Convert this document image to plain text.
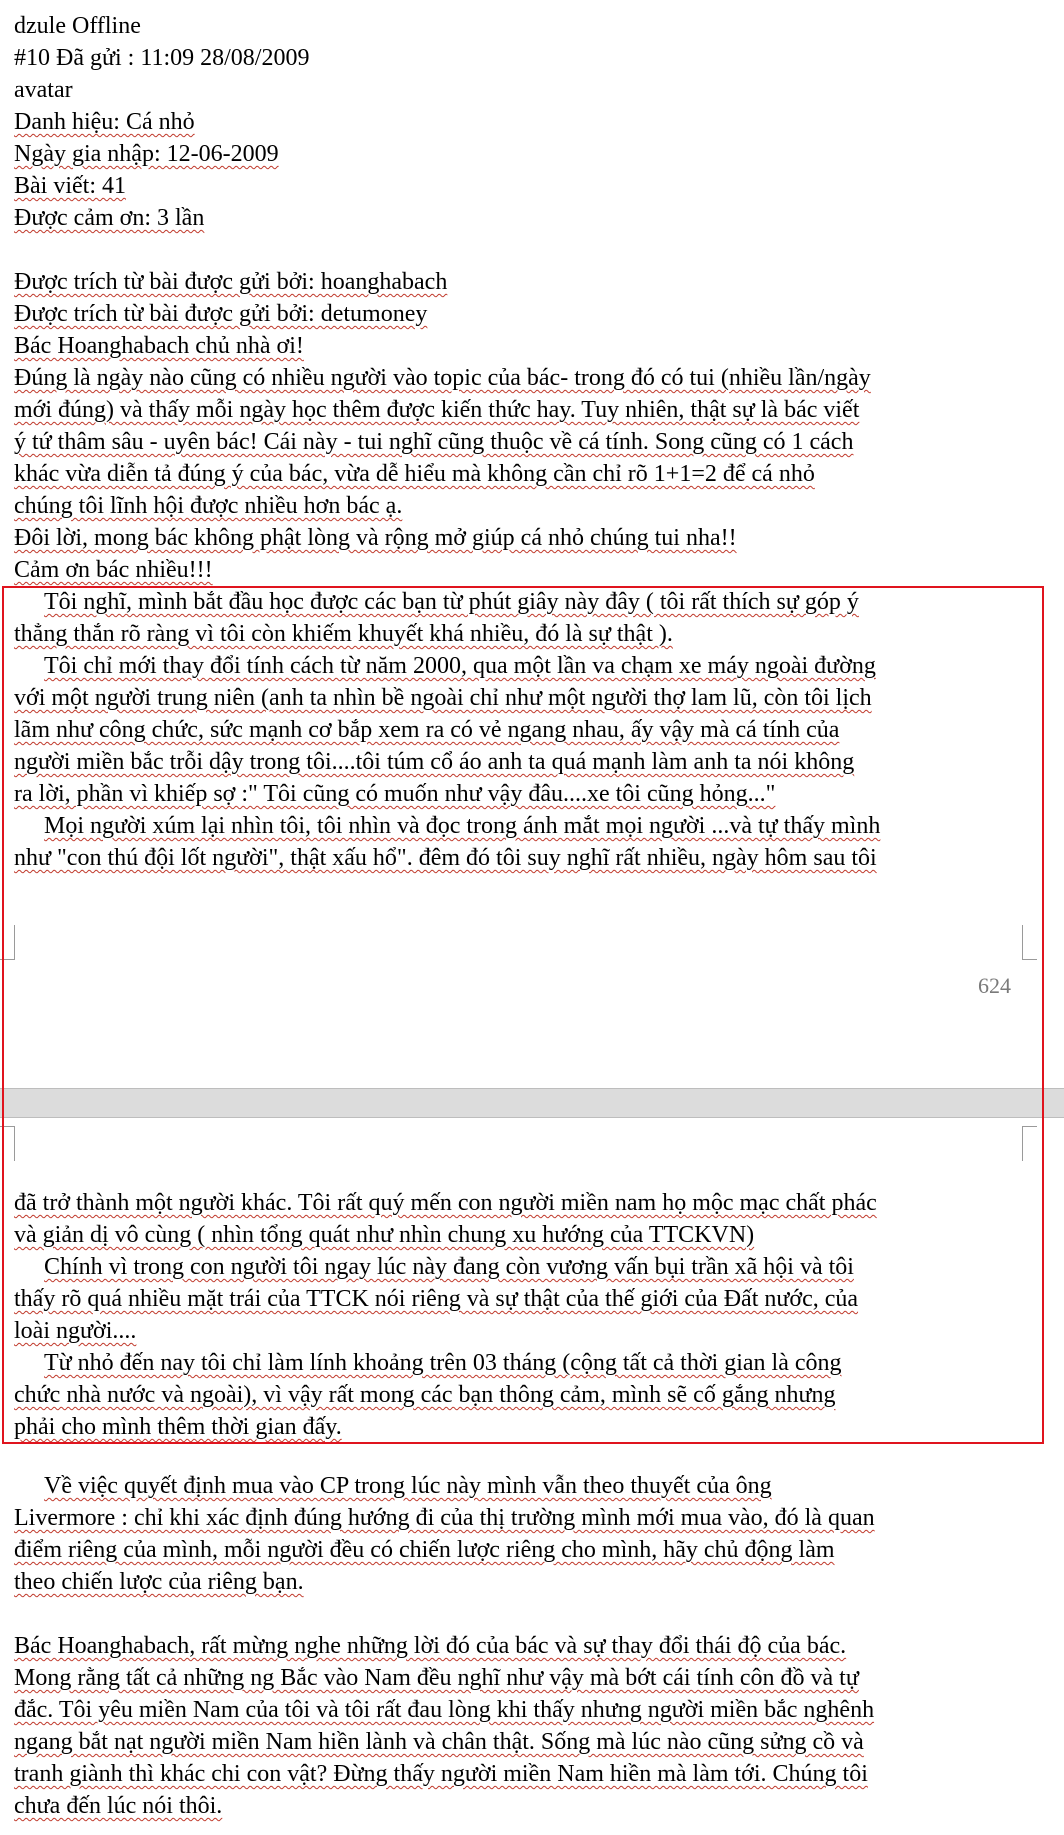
dzule Offline
#10 Đã gửi : 11:09 28/08/2009
avatar
Danh hiệu: Cá nhỏ
Ngày gia nhập: 12-06-2009
Bài viết: 41
Được cảm ơn: 3 lần
Được trích từ bài được gửi bởi: hoanghabach
Được trích từ bài được gửi bởi: detumoney
Bác Hoanghabach chủ nhà ơi!
Đúng là ngày nào cũng có nhiều người vào topic của bác- trong đó có tui (nhiều lần/ngày
mới đúng) và thấy mỗi ngày học thêm được kiến thức hay. Tuy nhiên, thật sự là bác viết
ý tứ thâm sâu - uyên bác! Cái này - tui nghĩ cũng thuộc về cá tính. Song cũng có 1 cách
khác vừa diễn tả đúng ý của bác, vừa dễ hiểu mà không cần chỉ rõ 1+1=2 để cá nhỏ
chúng tôi lĩnh hội được nhiều hơn bác ạ.
Đôi lời, mong bác không phật lòng và rộng mở giúp cá nhỏ chúng tui nha!!
Cảm ơn bác nhiều!!!
Tôi nghĩ, mình bắt đầu học được các bạn từ phút giây này đây ( tôi rất thích sự góp ý
thẳng thắn rõ ràng vì tôi còn khiếm khuyết khá nhiều, đó là sự thật ).
Tôi chỉ mới thay đổi tính cách từ năm 2000, qua một lần va chạm xe máy ngoài đường
với một người trung niên (anh ta nhìn bề ngoài chỉ như một người thợ lam lũ, còn tôi lịch
lãm như công chức, sức mạnh cơ bắp xem ra có vẻ ngang nhau, ấy vậy mà cá tính của
người miền bắc trỗi dậy trong tôi....tôi túm cổ áo anh ta quá mạnh làm anh ta nói không
ra lời, phần vì khiếp sợ :" Tôi cũng có muốn như vậy đâu....xe tôi cũng hỏng..."
Mọi người xúm lại nhìn tôi, tôi nhìn và đọc trong ánh mắt mọi người ...và tự thấy mình
như "con thú đội lốt người", thật xấu hổ". đêm đó tôi suy nghĩ rất nhiều, ngày hôm sau tôi
624
đã trở thành một người khác. Tôi rất quý mến con người miền nam họ mộc mạc chất phác
và giản dị vô cùng ( nhìn tổng quát như nhìn chung xu hướng của TTCKVN)
Chính vì trong con người tôi ngay lúc này đang còn vương vấn bụi trần xã hội và tôi
thấy rõ quá nhiều mặt trái của TTCK nói riêng và sự thật của thế giới của Đất nước, của
loài người....
Từ nhỏ đến nay tôi chỉ làm lính khoảng trên 03 tháng (cộng tất cả thời gian là công
chức nhà nước và ngoài), vì vậy rất mong các bạn thông cảm, mình sẽ cố gắng nhưng
phải cho mình thêm thời gian đấy.
Về việc quyết định mua vào CP trong lúc này mình vẫn theo thuyết của ông
Livermore : chỉ khi xác định đúng hướng đi của thị trường mình mới mua vào, đó là quan
điểm riêng của mình, mỗi người đều có chiến lược riêng cho mình, hãy chủ động làm
theo chiến lược của riêng bạn.
Bác Hoanghabach, rất mừng nghe những lời đó của bác và sự thay đổi thái độ của bác.
Mong rằng tất cả những ng Bắc vào Nam đều nghĩ như vậy mà bớt cái tính côn đồ và tự
đắc. Tôi yêu miền Nam của tôi và tôi rất đau lòng khi thấy nhưng người miền bắc nghênh
ngang bắt nạt người miền Nam hiền lành và chân thật. Sống mà lúc nào cũng sửng cồ và
tranh giành thì khác chi con vật? Đừng thấy người miền Nam hiền mà làm tới. Chúng tôi
chưa đến lúc nói thôi.
